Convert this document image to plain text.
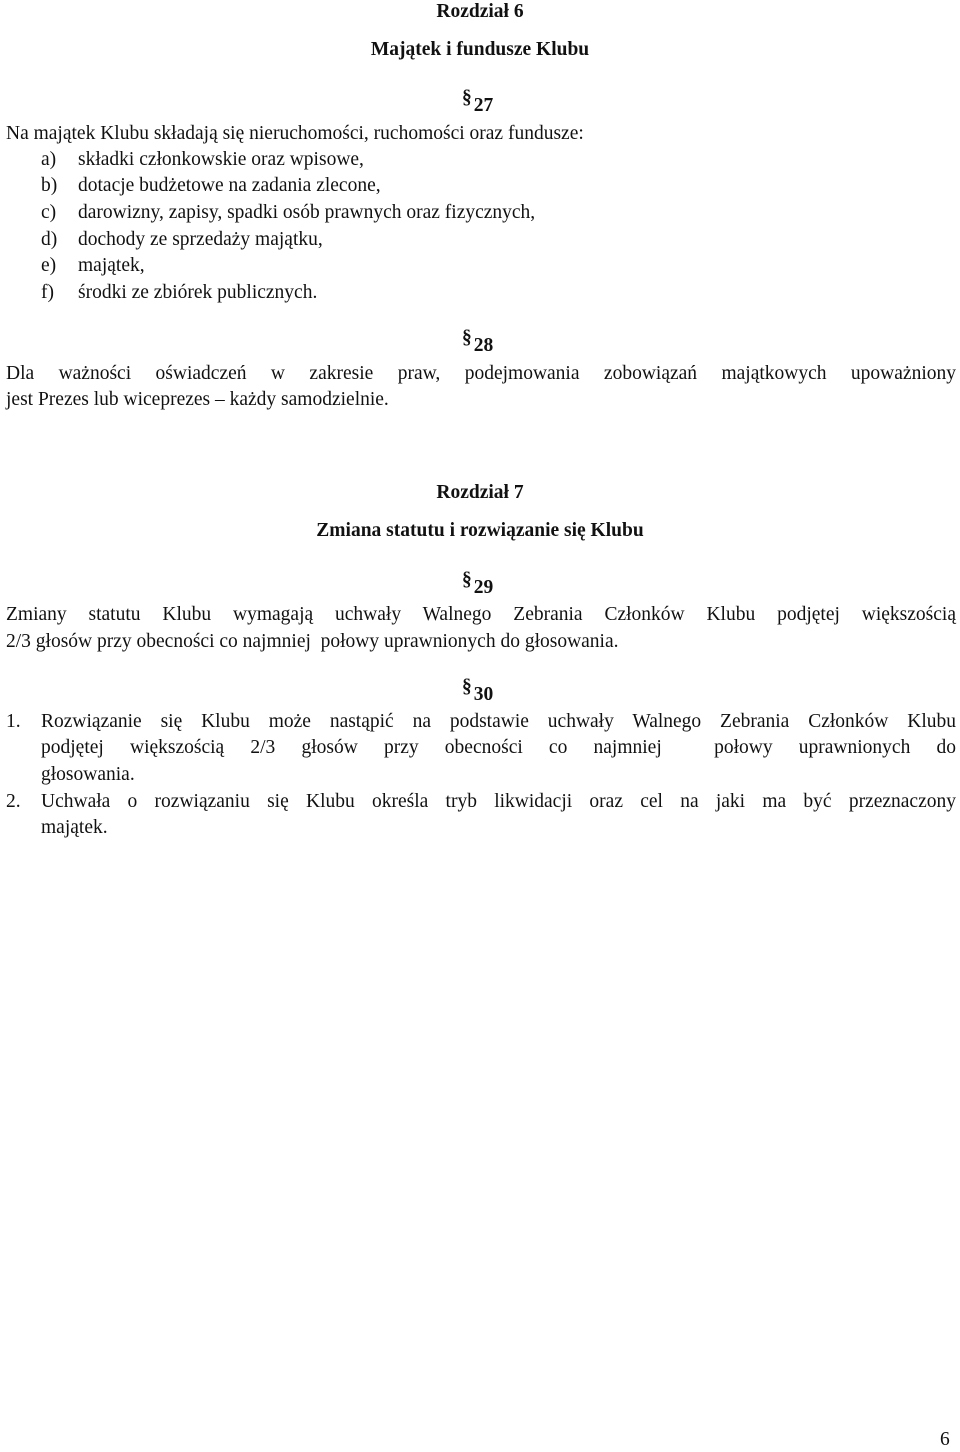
Rozdział 6
Majątek i fundusze Klubu
§ 27
Na majątek Klubu składają się nieruchomości, ruchomości oraz fundusze:
a) składki członkowskie oraz wpisowe,
b) dotacje budżetowe na zadania zlecone,
c) darowizny, zapisy, spadki osób prawnych oraz fizycznych,
d) dochody ze sprzedaży majątku,
e) majątek,
f) środki ze zbiórek publicznych.
§ 28
Dla ważności oświadczeń w zakresie praw, podejmowania zobowiązań majątkowych upoważniony
jest Prezes lub wiceprezes – każdy samodzielnie.
Rozdział 7
Zmiana statutu i rozwiązanie się Klubu
§ 29
Zmiany statutu Klubu wymagają uchwały Walnego Zebrania Członków Klubu podjętej większością
2/3 głosów przy obecności co najmniej  połowy uprawnionych do głosowania.
§ 30
1. Rozwiązanie się Klubu może nastąpić na podstawie uchwały Walnego Zebrania Członków Klubu
podjętej większością 2/3 głosów przy obecności co najmniej  połowy uprawnionych do
głosowania.
2. Uchwała o rozwiązaniu się Klubu określa tryb likwidacji oraz cel na jaki ma być przeznaczony
majątek.
6
